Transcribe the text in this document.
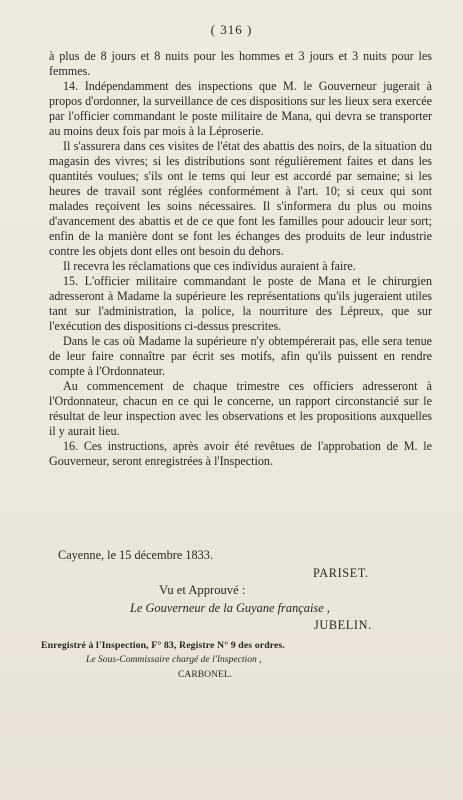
( 316 )

à plus de 8 jours et 8 nuits pour les hommes et 3 jours et 3 nuits pour les femmes.

14. Indépendamment des inspections que M. le Gouverneur jugerait à propos d'ordonner, la surveillance de ces dispositions sur les lieux sera exercée par l'officier commandant le poste militaire de Mana, qui devra se transporter au moins deux fois par mois à la Léproserie.

Il s'assurera dans ces visites de l'état des abattis des noirs, de la situation du magasin des vivres; si les distributions sont régulièrement faites et dans les quantités voulues; s'ils ont le tems qui leur est accordé par semaine; si les heures de travail sont réglées conformément à l'art. 10; si ceux qui sont malades reçoivent les soins nécessaires. Il s'informera du plus ou moins d'avancement des abattis et de ce que font les familles pour adoucir leur sort; enfin de la manière dont se font les échanges des produits de leur industrie contre les objets dont elles ont besoin du dehors.

Il recevra les réclamations que ces individus auraient à faire.

15. L'officier militaire commandant le poste de Mana et le chirurgien adresseront à Madame la supérieure les représentations qu'ils jugeraient utiles tant sur l'administration, la police, la nourriture des Lépreux, que sur l'exécution des dispositions ci-dessus prescrites.

Dans le cas où Madame la supérieure n'y obtempérerait pas, elle sera tenue de leur faire connaître par écrit ses motifs, afin qu'ils puissent en rendre compte à l'Ordonnateur.

Au commencement de chaque trimestre ces officiers adresseront à l'Ordonnateur, chacun en ce qui le concerne, un rapport circonstancié sur le résultat de leur inspection avec les observations et les propositions auxquelles il y aurait lieu.

16. Ces instructions, après avoir été revêtues de l'approbation de M. le Gouverneur, seront enregistrées à l'Inspection.

Cayenne, le 15 décembre 1833.
PARISET.
Vu et Approuvé :
Le Gouverneur de la Guyane française ,
JUBELIN.
Enregistré à l'Inspection, F° 83, Registre N° 9 des ordres.
Le Sous-Commissaire chargé de l'Inspection ,
CARBONEL.
